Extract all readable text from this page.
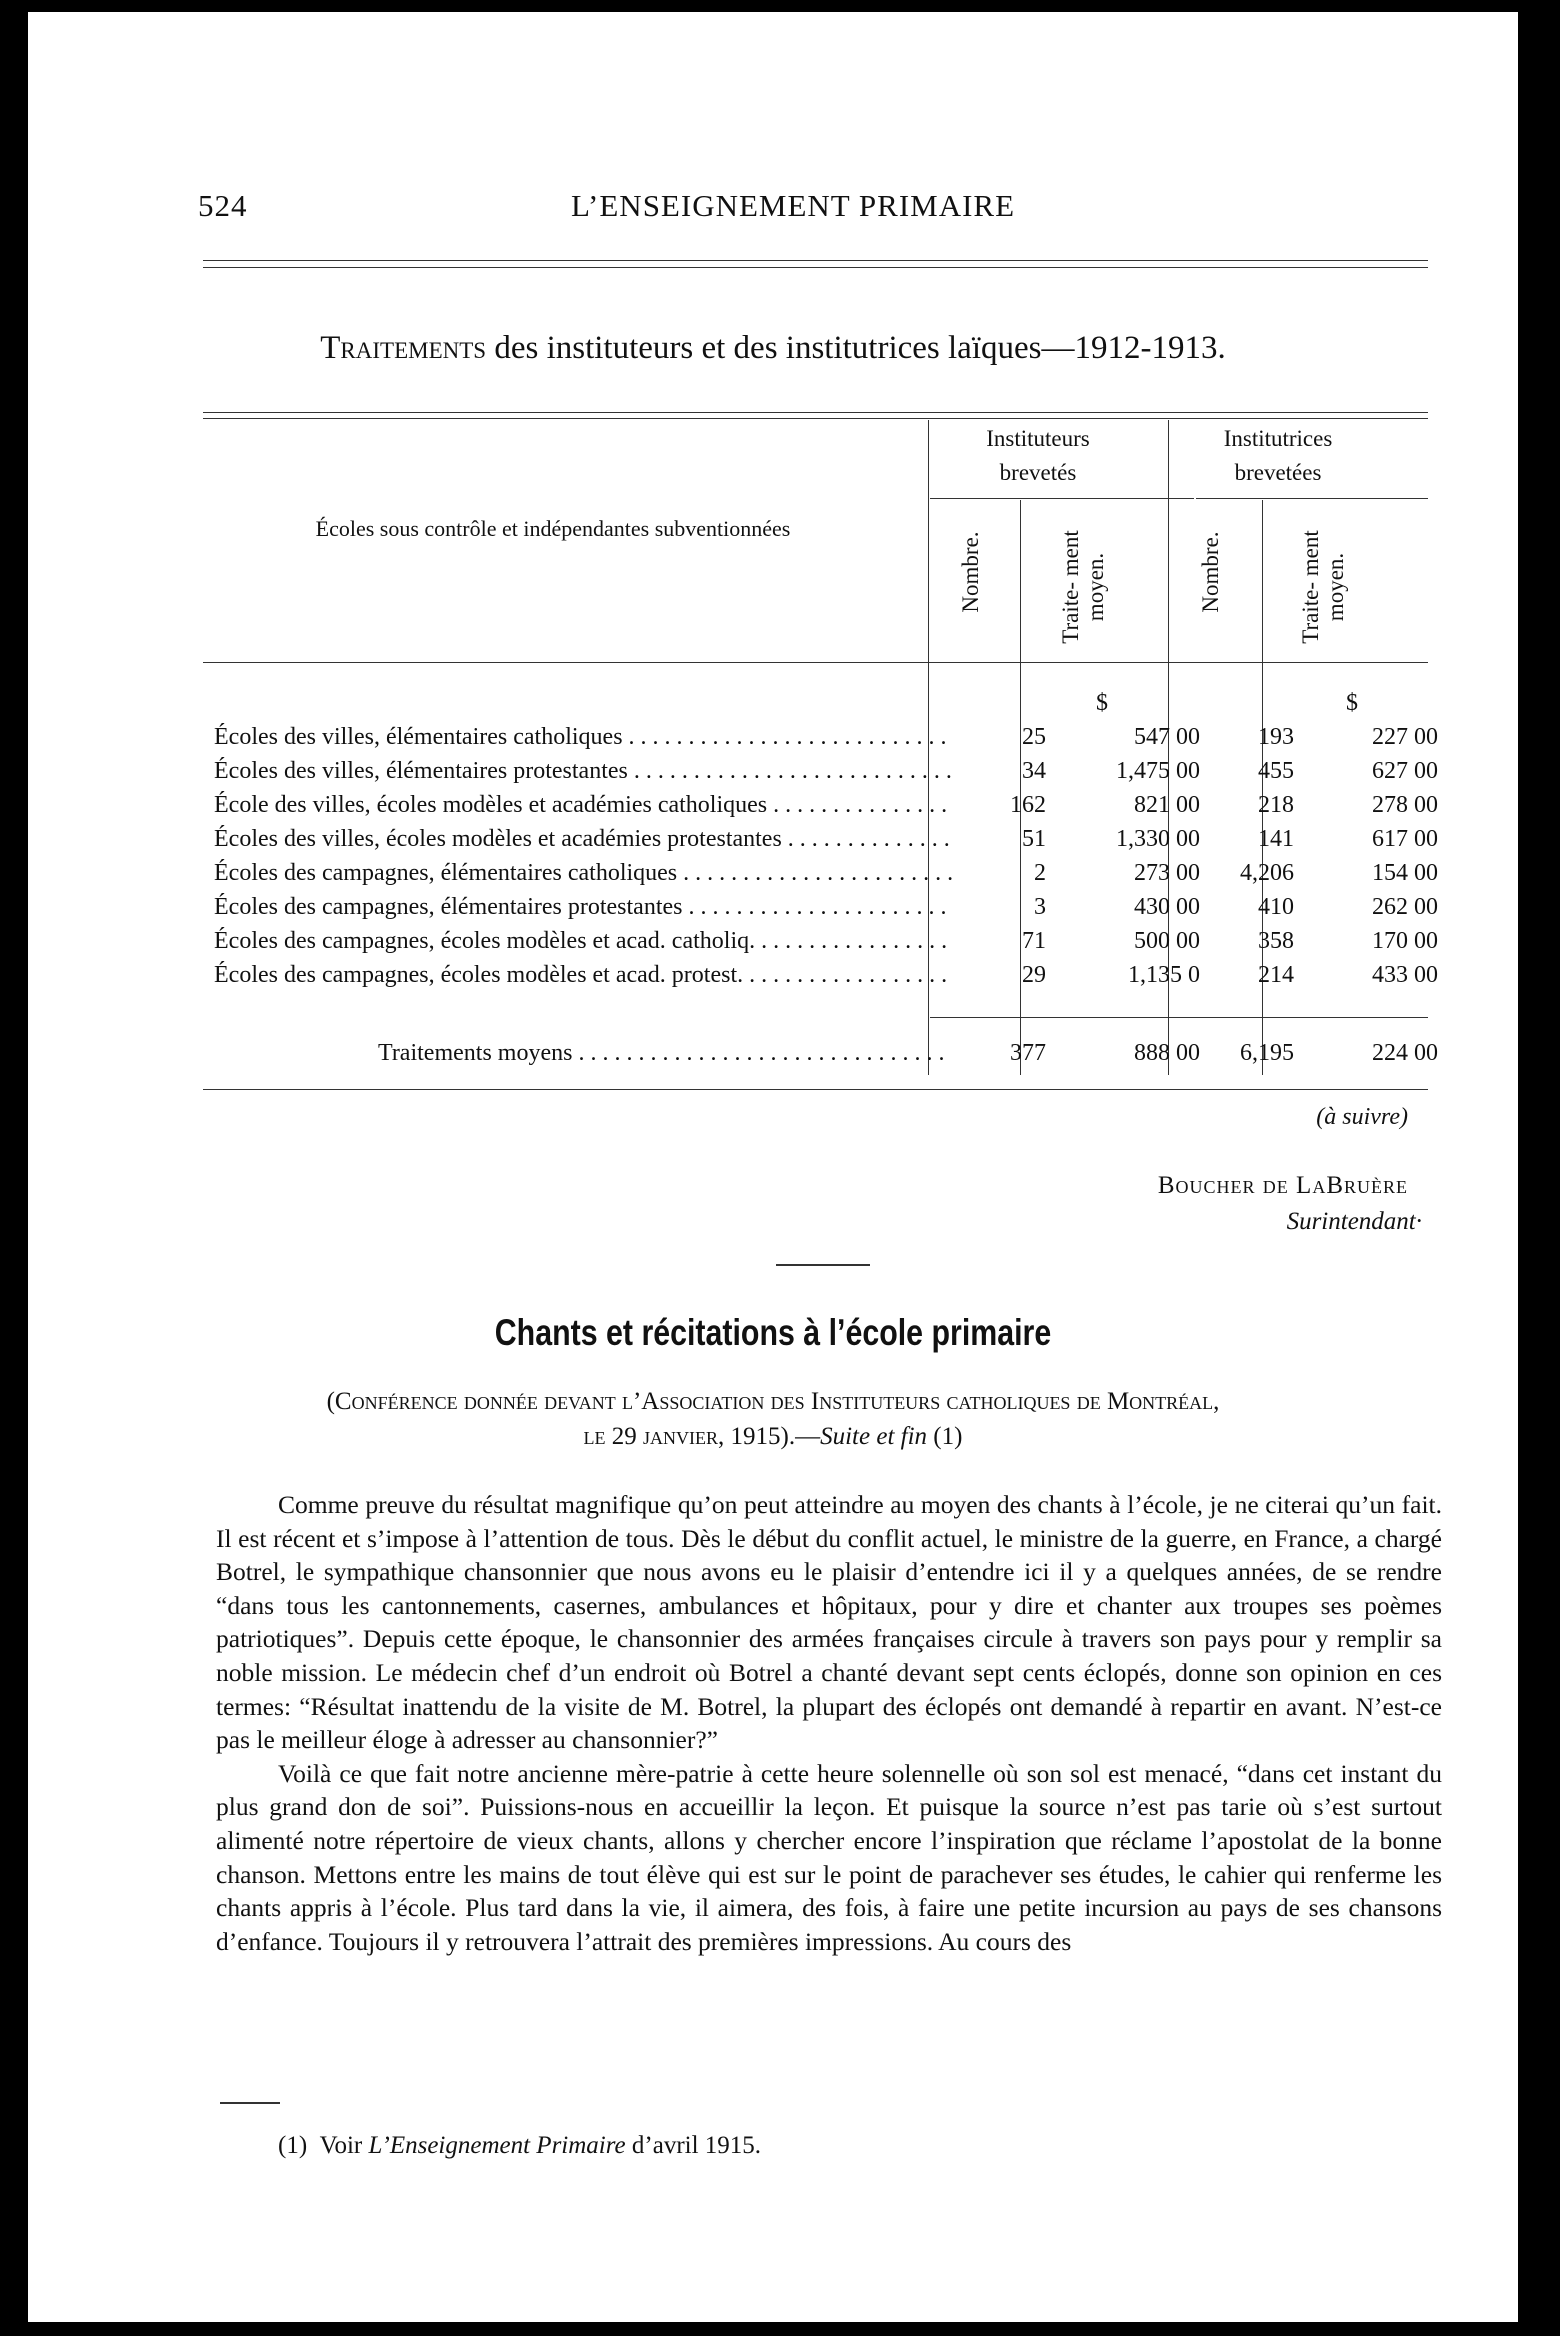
524	L’ENSEIGNEMENT PRIMAIRE
Traitements des instituteurs et des institutrices laïques—1912-1913.
Écoles sous contrôle et indépendantes subventionnées
Instituteurs brevetés
Institutrices brevetées
Nombre.	Traite- ment moyen.	Nombre.	Traite- ment moyen.
$	$
Écoles des villes, élémentaires catholiques . . .	25	547 00	193	227 00
Écoles des villes, élémentaires protestantes . . .	34	1,475 00	455	627 00
École des villes, écoles modèles et académies catholiques . . .	162	821 00	218	278 00
Écoles des villes, écoles modèles et académies protestantes . . .	51	1,330 00	141	617 00
Écoles des campagnes, élémentaires catholiques . . .	2	273 00	4,206	154 00
Écoles des campagnes, élémentaires protestantes . . .	3	430 00	410	262 00
Écoles des campagnes, écoles modèles et acad. catholiq. . . .	71	500 00	358	170 00
Écoles des campagnes, écoles modèles et acad. protest. . . .	29	1,135 0	214	433 00
Traitements moyens . . .	377	888 00	6,195	224 00
(à suivre)
Boucher de LaBruère
Surintendant·
Chants et récitations à l’école primaire
(Conférence donnée devant l’Association des Instituteurs catholiques de Montréal,
le 29 janvier, 1915).—Suite et fin (1)

Comme preuve du résultat magnifique qu’on peut atteindre au moyen des chants à l’école, je ne citerai qu’un fait. Il est récent et s’impose à l’attention de tous. Dès le début du conflit actuel, le ministre de la guerre, en France, a chargé Botrel, le sympathique chansonnier que nous avons eu le plaisir d’entendre ici il y a quelques années, de se rendre “dans tous les cantonnements, casernes, ambulances et hôpitaux, pour y dire et chanter aux troupes ses poèmes patriotiques”. Depuis cette époque, le chansonnier des armées françaises circule à travers son pays pour y remplir sa noble mission. Le médecin chef d’un endroit où Botrel a chanté devant sept cents éclopés, donne son opinion en ces termes: “Résultat inattendu de la visite de M. Botrel, la plupart des éclopés ont demandé à repartir en avant. N’est-ce pas le meilleur éloge à adresser au chansonnier?”

Voilà ce que fait notre ancienne mère-patrie à cette heure solennelle où son sol est menacé, “dans cet instant du plus grand don de soi”. Puissions-nous en accueillir la leçon. Et puisque la source n’est pas tarie où s’est surtout alimenté notre répertoire de vieux chants, allons y chercher encore l’inspiration que réclame l’apostolat de la bonne chanson. Mettons entre les mains de tout élève qui est sur le point de parachever ses études, le cahier qui renferme les chants appris à l’école. Plus tard dans la vie, il aimera, des fois, à faire une petite incursion au pays de ses chansons d’enfance. Toujours il y retrouvera l’attrait des premières impressions. Au cours des

(1) Voir L’Enseignement Primaire d’avril 1915.
